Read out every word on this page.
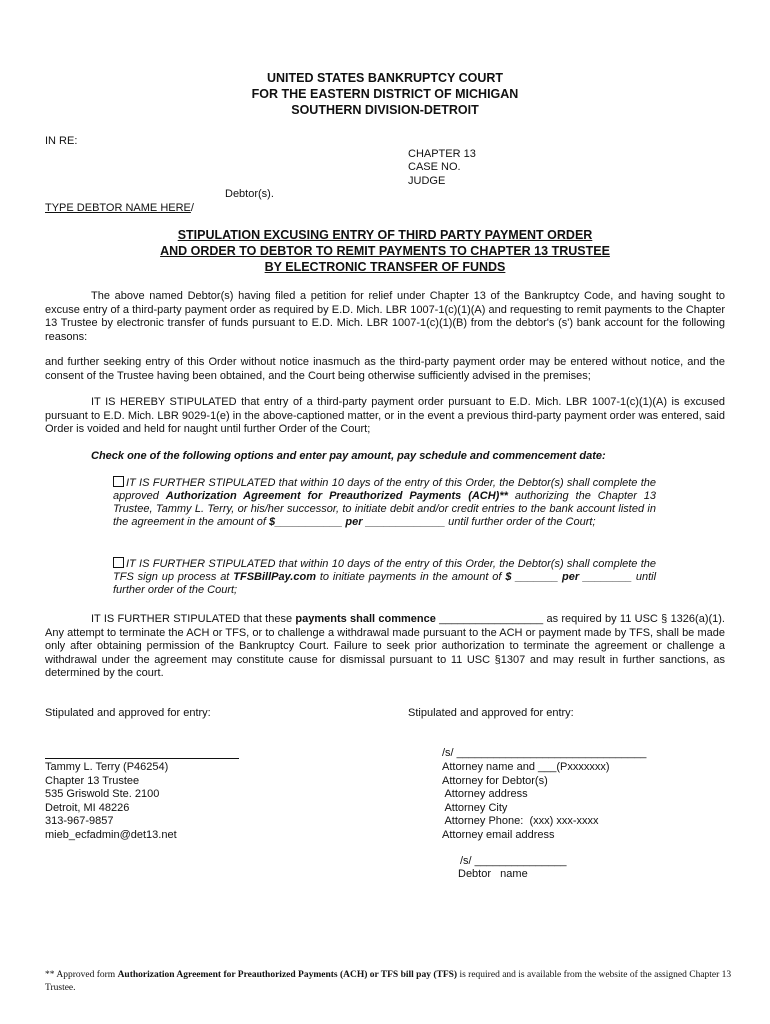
UNITED STATES BANKRUPTCY COURT
FOR THE EASTERN DISTRICT OF MICHIGAN
SOUTHERN DIVISION-DETROIT
IN RE:
CHAPTER 13
CASE NO.
JUDGE
Debtor(s).
TYPE DEBTOR NAME HERE/
STIPULATION EXCUSING ENTRY OF THIRD PARTY PAYMENT ORDER
AND ORDER TO DEBTOR TO REMIT PAYMENTS TO CHAPTER 13 TRUSTEE
BY ELECTRONIC TRANSFER OF FUNDS
The above named Debtor(s) having filed a petition for relief under Chapter 13 of the Bankruptcy Code, and having sought to excuse entry of a third-party payment order as required by E.D. Mich. LBR 1007-1(c)(1)(A) and requesting to remit payments to the Chapter 13 Trustee by electronic transfer of funds pursuant to E.D. Mich. LBR 1007-1(c)(1)(B) from the debtor's (s') bank account for the following reasons:
and further seeking entry of this Order without notice inasmuch as the third-party payment order may be entered without notice, and the consent of the Trustee having been obtained, and the Court being otherwise sufficiently advised in the premises;
IT IS HEREBY STIPULATED that entry of a third-party payment order pursuant to E.D. Mich. LBR 1007-1(c)(1)(A) is excused pursuant to E.D. Mich. LBR 9029-1(e) in the above-captioned matter, or in the event a previous third-party payment order was entered, said Order is voided and held for naught until further Order of the Court;
Check one of the following options and enter pay amount, pay schedule and commencement date:
IT IS FURTHER STIPULATED that within 10 days of the entry of this Order, the Debtor(s) shall complete the approved Authorization Agreement for Preauthorized Payments (ACH)** authorizing the Chapter 13 Trustee, Tammy L. Terry, or his/her successor, to initiate debit and/or credit entries to the bank account listed in the agreement in the amount of $___________ per _____________ until further order of the Court;
IT IS FURTHER STIPULATED that within 10 days of the entry of this Order, the Debtor(s) shall complete the TFS sign up process at TFSBillPay.com to initiate payments in the amount of $ _______ per ________ until further order of the Court;
IT IS FURTHER STIPULATED that these payments shall commence _________________ as required by 11 USC § 1326(a)(1). Any attempt to terminate the ACH or TFS, or to challenge a withdrawal made pursuant to the ACH or payment made by TFS, shall be made only after obtaining permission of the Bankruptcy Court. Failure to seek prior authorization to terminate the agreement or challenge a withdrawal under the agreement may constitute cause for dismissal pursuant to 11 USC §1307 and may result in further sanctions, as determined by the court.
Stipulated and approved for entry:	Stipulated and approved for entry:
Tammy L. Terry (P46254)
Chapter 13 Trustee
535 Griswold Ste. 2100
Detroit, MI 48226
313-967-9857
mieb_ecfadmin@det13.net
/s/ _______________________________
Attorney name and ___(Pxxxxxxx)
Attorney for Debtor(s)
Attorney address
Attorney City
Attorney Phone:  (xxx) xxx-xxxx
Attorney email address
/s/ _______________
Debtor   name
** Approved form Authorization Agreement for Preauthorized Payments (ACH) or TFS bill pay (TFS) is required and is available from the website of the assigned Chapter 13 Trustee.
